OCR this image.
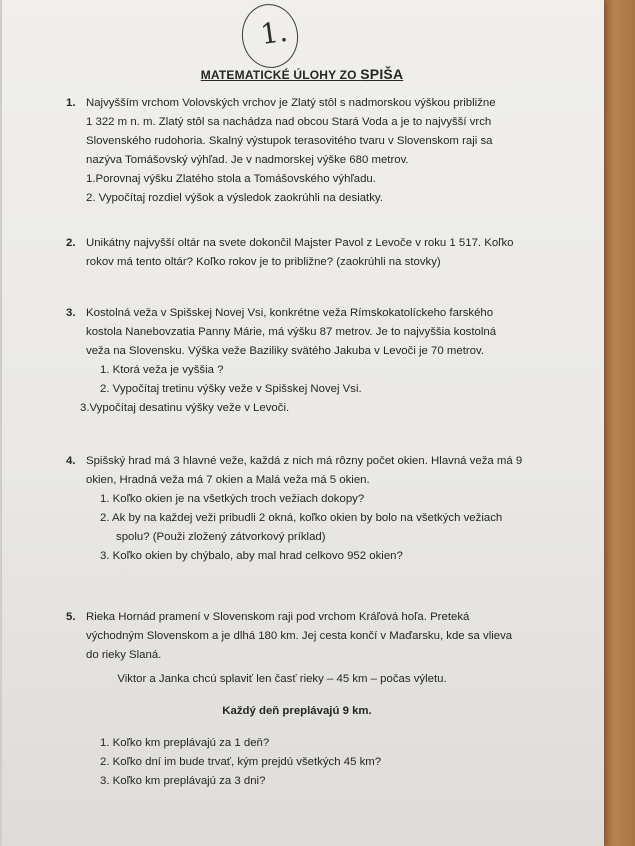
1.
MATEMATICKÉ ÚLOHY ZO SPIŠA
1. Najvyšším vrchom Volovských vrchov je Zlatý stôl s nadmorskou výškou približne
1 322 m n. m. Zlatý stôl sa nachádza nad obcou Stará Voda a je to najvyšší vrch
Slovenského rudohoria. Skalný výstupok terasovitého tvaru v Slovenskom raji sa
nazýva Tomášovský výhľad. Je v nadmorskej výške 680 metrov.
1.Porovnaj výšku Zlatého stola a Tomášovského výhľadu.
2. Vypočítaj rozdiel výšok a výsledok zaokrúhli na desiatky.
2. Unikátny najvyšší oltár na svete dokončil Majster Pavol z Levoče v roku 1 517. Koľko
rokov má tento oltár? Koľko rokov je to približne? (zaokrúhli na stovky)
3. Kostolná veža v Spišskej Novej Vsi, konkrétne veža Rímskokatolíckeho farského
kostola Nanebovzatia Panny Márie, má výšku 87 metrov. Je to najvyššia kostolná
veža na Slovensku. Výška veže Baziliky svätého Jakuba v Levoči je 70 metrov.
1. Ktorá veža je vyššia ?
2. Vypočítaj tretinu výšky veže v Spišskej Novej Vsi.
3.Vypočítaj desatinu výšky veže v Levoči.
4. Spišský hrad má 3 hlavné veže, každá z nich má rôzny počet okien. Hlavná veža má 9
okien, Hradná veža má 7 okien a Malá veža má 5 okien.
1. Koľko okien je na všetkých troch vežiach dokopy?
2. Ak by na každej veži pribudli 2 okná, koľko okien by bolo na všetkých vežiach
spolu? (Použi zložený zátvorkový príklad)
3. Koľko okien by chýbalo, aby mal hrad celkovo 952 okien?
5. Rieka Hornád pramení v Slovenskom raji pod vrchom Kráľová hoľa. Preteká
východným Slovenskom a je dlhá 180 km. Jej cesta končí v Maďarsku, kde sa vlieva
do rieky Slaná.
Viktor a Janka chcú splaviť len časť rieky – 45 km – počas výletu.
Každý deň preplávajú 9 km.
1. Koľko km preplávajú za 1 deň?
2. Koľko dní im bude trvať, kým prejdú všetkých 45 km?
3. Koľko km preplávajú za 3 dni?
